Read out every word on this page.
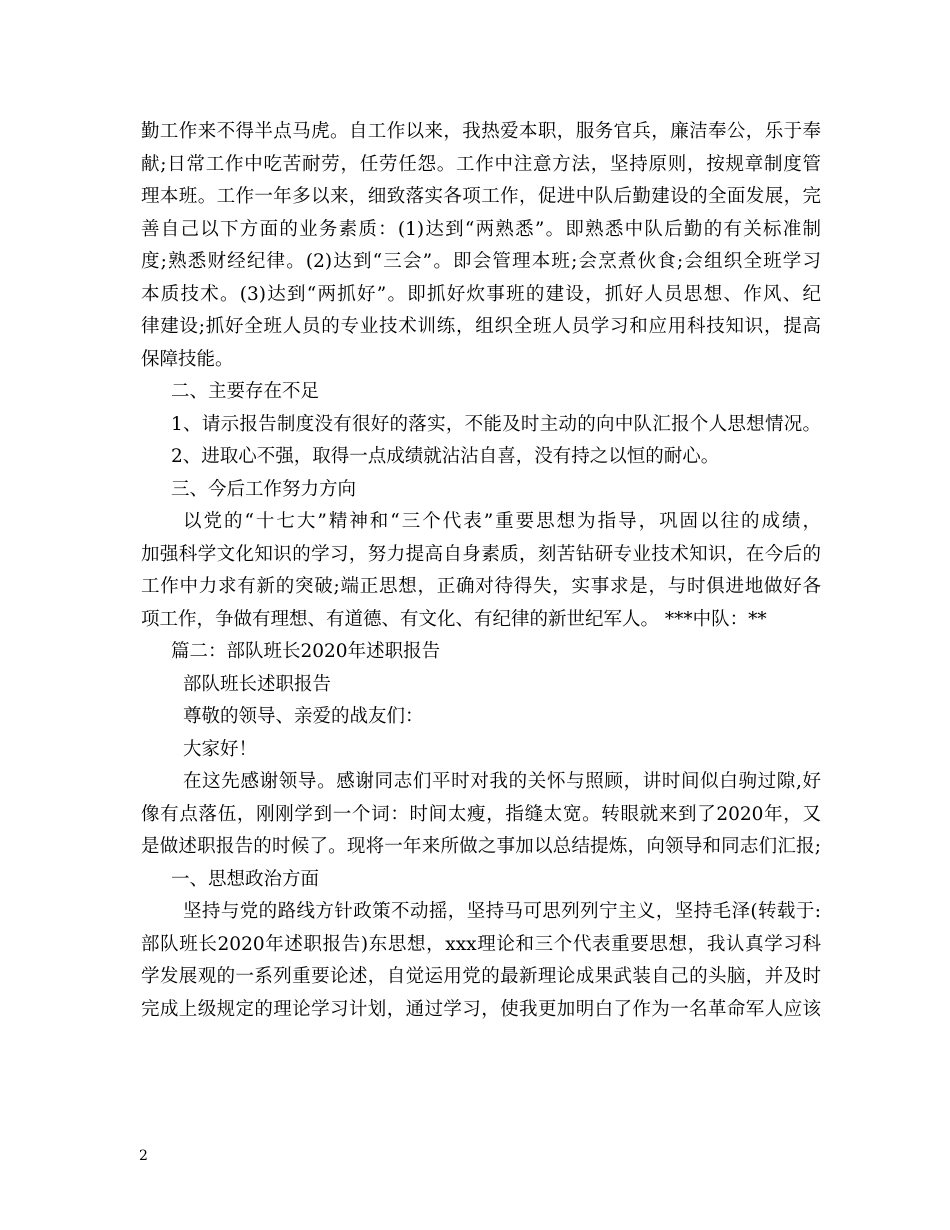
勤工作来不得半点马虎。自工作以来，我热爱本职，服务官兵，廉洁奉公，乐于奉
献;日常工作中吃苦耐劳，任劳任怨。工作中注意方法，坚持原则，按规章制度管
理本班。工作一年多以来，细致落实各项工作，促进中队后勤建设的全面发展，完
善自己以下方面的业务素质：(1)达到“两熟悉”。即熟悉中队后勤的有关标准制
度;熟悉财经纪律。(2)达到“三会”。即会管理本班;会烹煮伙食;会组织全班学习
本质技术。(3)达到“两抓好”。即抓好炊事班的建设，抓好人员思想、作风、纪
律建设;抓好全班人员的专业技术训练，组织全班人员学习和应用科技知识，提高
保障技能。
二、主要存在不足
1、请示报告制度没有很好的落实，不能及时主动的向中队汇报个人思想情况。
2、进取心不强，取得一点成绩就沾沾自喜，没有持之以恒的耐心。
三、今后工作努力方向
以党的“十七大”精神和“三个代表”重要思想为指导，巩固以往的成绩，
加强科学文化知识的学习，努力提高自身素质，刻苦钻研专业技术知识，在今后的
工作中力求有新的突破;端正思想，正确对待得失，实事求是，与时俱进地做好各
项工作，争做有理想、有道德、有文化、有纪律的新世纪军人。 ***中队：**
篇二：部队班长2020年述职报告
部队班长述职报告
尊敬的领导、亲爱的战友们：
大家好！
在这先感谢领导。感谢同志们平时对我的关怀与照顾，讲时间似白驹过隙,好
像有点落伍，刚刚学到一个词：时间太瘦，指缝太宽。转眼就来到了2020年，又
是做述职报告的时候了。现将一年来所做之事加以总结提炼，向领导和同志们汇报;
一、思想政治方面
坚持与党的路线方针政策不动摇，坚持马可思列列宁主义，坚持毛泽(转载于:
部队班长2020年述职报告)东思想，xxx理论和三个代表重要思想，我认真学习科
学发展观的一系列重要论述，自觉运用党的最新理论成果武装自己的头脑，并及时
完成上级规定的理论学习计划，通过学习，使我更加明白了作为一名革命军人应该
2
